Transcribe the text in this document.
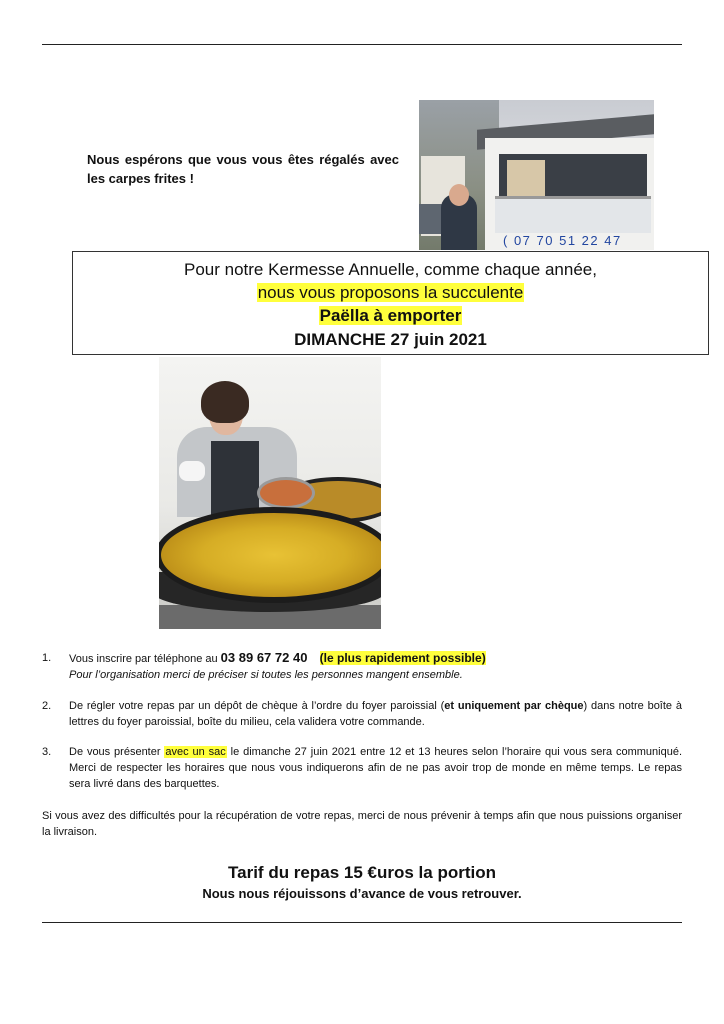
Nous espérons que vous vous êtes régalés avec les carpes frites !
( 07 70 51 22 47
Pour notre Kermesse Annuelle, comme chaque année,
nous vous proposons la succulente
Paëlla à emporter
DIMANCHE 27 juin 2021
1.	Vous inscrire par téléphone au 03 89 67 72 40 (le plus rapidement possible)
Pour l’organisation merci de préciser si toutes les personnes mangent ensemble.
2.	De régler votre repas par un dépôt de chèque à l’ordre du foyer paroissial (et uniquement par chèque) dans notre boîte à lettres du foyer paroissial, boîte du milieu, cela validera votre commande.
3.	De vous présenter avec un sac le dimanche 27 juin 2021 entre 12 et 13 heures selon l’horaire qui vous sera communiqué. Merci de respecter les horaires que nous vous indiquerons afin de ne pas avoir trop de monde en même temps. Le repas sera livré dans des barquettes.
Si vous avez des difficultés pour la récupération de votre repas, merci de nous prévenir à temps afin que nous puissions organiser la livraison.
Tarif du repas 15 €uros la portion
Nous nous réjouissons d’avance de vous retrouver.
